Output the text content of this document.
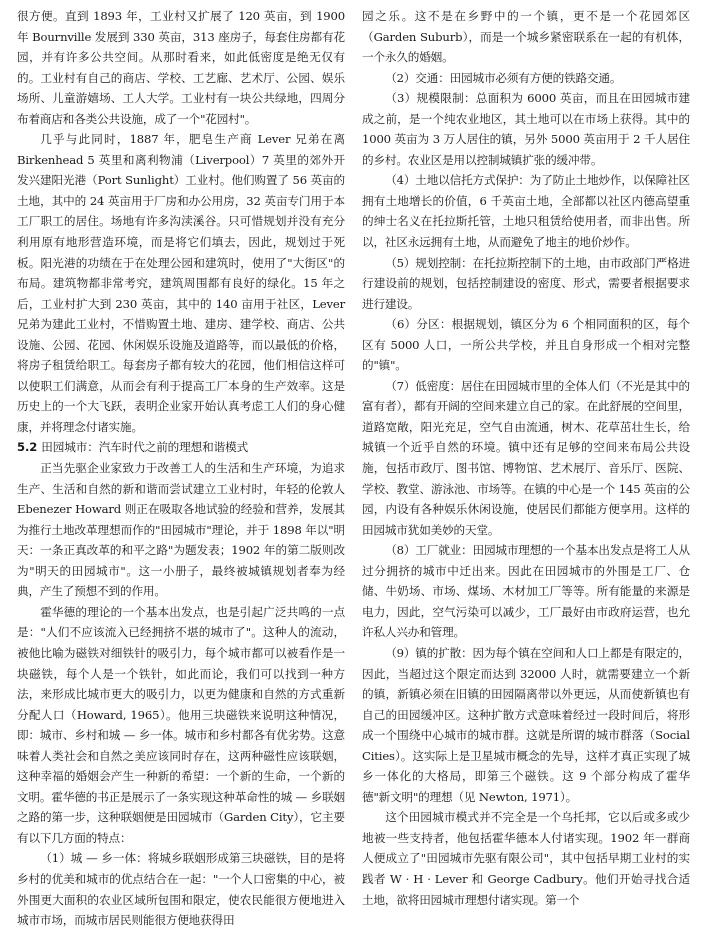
很方便。直到 1893 年，工业村又扩展了 120 英亩，到 1900 年 Bournville 发展到 330 英亩，313 座房子，每套住房都有花园，并有许多公共空间。从那时看来，如此低密度是绝无仅有的。工业村有自己的商店、学校、工艺廊、艺术厅、公园、娱乐场所、儿童游嬉场、工人大学。工业村有一块公共绿地，四周分布着商店和各类公共设施，成了一个"花园村"。

几乎与此同时，1887 年，肥皂生产商 Lever 兄弟在离 Birkenhead 5 英里和离利物浦（Liverpool）7 英里的郊外开发兴建阳光港（Port Sunlight）工业村。他们购置了 56 英亩的土地，其中的 24 英亩用于厂房和办公用房，32 英亩专门用于本工厂职工的居住。场地有许多沟渎溪谷。只可惜规划并没有充分利用原有地形营造环境，而是将它们填去，因此，规划过于死板。阳光港的功绩在于在处理公园和建筑时，使用了"大街区"的布局。建筑物都非常考究，建筑周围都有良好的绿化。15 年之后，工业村扩大到 230 英亩，其中的 140 亩用于社区，Lever 兄弟为建此工业村，不惜购置土地、建房、建学校、商店、公共设施、公园、花园、休闲娱乐设施及道路等，而以最低的价格，将房子租赁给职工。每套房子都有较大的花园，他们相信这样可以使职工们满意，从而会有利于提高工厂本身的生产效率。这是历史上的一个大飞跃，表明企业家开始认真考虑工人们的身心健康，并将理念付诸实施。

5.2 田园城市：汽车时代之前的理想和谐模式

正当先驱企业家致力于改善工人的生活和生产环境，为追求生产、生活和自然的新和谐而尝试建立工业村时，年轻的伦敦人 Ebenezer Howard 则正在吸取各地试验的经验和营养，发展其为推行土地改革理想而作的"田园城市"理论，并于 1898 年以"明天：一条正真改革的和平之路"为题发表；1902 年的第二版则改为"明天的田园城市"。这一小册子，最终被城镇规划者奉为经典，产生了预想不到的作用。

霍华德的理论的一个基本出发点，也是引起广泛共鸣的一点是："人们不应该流入已经拥挤不堪的城市了"。这种人的流动，被他比喻为磁铁对细铁针的吸引力，每个城市都可以被看作是一块磁铁，每个人是一个铁针，如此而论，我们可以找到一种方法，来形成比城市更大的吸引力，以更为健康和自然的方式重新分配人口（Howard, 1965）。他用三块磁铁来说明这种情况，即：城市、乡村和城 — 乡一体。城市和乡村都各有优劣势。这意味着人类社会和自然之美应该同时存在，这两种磁性应该联姻，这种幸福的婚姻会产生一种新的希望：一个新的生命，一个新的文明。霍华德的书正是展示了一条实现这种革命性的城 — 乡联姻之路的第一步，这种联姻便是田园城市（Garden City），它主要有以下几方面的特点：

（1）城 — 乡一体：将城乡联姻形成第三块磁铁，目的是将乡村的优美和城市的优点结合在一起："一个人口密集的中心，被外围更大面积的农业区域所包围和限定，使农民能很方便地进入城市市场，而城市居民则能很方便地获得田

园之乐。这不是在乡野中的一个镇，更不是一个花园郊区（Garden Suburb），而是一个城乡紧密联系在一起的有机体，一个永久的婚姻。

（2）交通：田园城市必须有方便的铁路交通。

（3）规模限制：总面积为 6000 英亩，而且在田园城市建成之前，是一个纯农业地区，其土地可以在市场上获得。其中的 1000 英亩为 3 万人居住的镇，另外 5000 英亩用于 2 千人居住的乡村。农业区是用以控制城镇扩张的缓冲带。

（4）土地以信托方式保护：为了防止土地炒作，以保障社区拥有土地增长的价值，6 千英亩土地，全部都以社区内德高望重的绅士名义在托拉斯托管，土地只租赁给使用者，而非出售。所以，社区永远拥有土地，从而避免了地主的地价炒作。

（5）规划控制：在托拉斯控制下的土地，由市政部门严格进行建设前的规划，包括控制建设的密度、形式，需要者根据要求进行建设。

（6）分区：根据规划，镇区分为 6 个相同面积的区，每个区有 5000 人口，一所公共学校，并且自身形成一个相对完整的"镇"。

（7）低密度：居住在田园城市里的全体人们（不光是其中的富有者），都有开阔的空间来建立自己的家。在此舒展的空间里，道路宽敞，阳光充足，空气自由流通，树木、花草茁壮生长，给城镇一个近乎自然的环境。镇中还有足够的空间来布局公共设施，包括市政厅、图书馆、博物馆、艺术展厅、音乐厅、医院、学校、教堂、游泳池、市场等。在镇的中心是一个 145 英亩的公园，内设有各种娱乐休闲设施，使居民们都能方便享用。这样的田园城市犹如美妙的天堂。

（8）工厂就业：田园城市理想的一个基本出发点是将工人从过分拥挤的城市中迁出来。因此在田园城市的外围是工厂、仓储、牛奶场、市场、煤场、木材加工厂等等。所有能量的来源是电力，因此，空气污染可以减少，工厂最好由市政府运营，也允许私人兴办和管理。

（9）镇的扩散：因为每个镇在空间和人口上都是有限定的，因此，当超过这个限定而达到 32000 人时，就需要建立一个新的镇，新镇必须在旧镇的田园隔离带以外更远，从而使新镇也有自己的田园缓冲区。这种扩散方式意味着经过一段时间后，将形成一个围绕中心城市的城市群。这就是所谓的城市群落（Social Cities）。这实际上是卫星城市概念的先导，这样才真正实现了城乡一体化的大格局，即第三个磁铁。这 9 个部分构成了霍华德"新文明"的理想（见 Newton, 1971）。

这个田园城市模式并不完全是一个乌托邦，它以后或多或少地被一些支持者，他包括霍华德本人付诸实现。1902 年一群商人便成立了"田园城市先驱有限公司"，其中包括早期工业村的实践者 W · H · Lever 和 George Cadbury。他们开始寻找合适土地，欲将田园城市理想付诸实现。第一个
